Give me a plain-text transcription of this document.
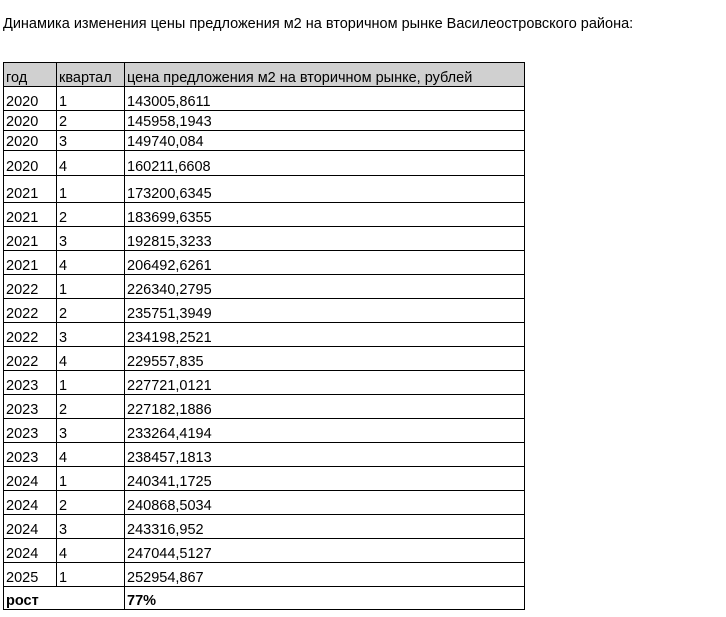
Динамика изменения цены предложения м2 на вторичном рынке Василеостровского района:
год	квартал	цена предложения м2 на вторичном рынке, рублей
2020	1	143005,8611
2020	2	145958,1943
2020	3	149740,084
2020	4	160211,6608
2021	1	173200,6345
2021	2	183699,6355
2021	3	192815,3233
2021	4	206492,6261
2022	1	226340,2795
2022	2	235751,3949
2022	3	234198,2521
2022	4	229557,835
2023	1	227721,0121
2023	2	227182,1886
2023	3	233264,4194
2023	4	238457,1813
2024	1	240341,1725
2024	2	240868,5034
2024	3	243316,952
2024	4	247044,5127
2025	1	252954,867
рост		77%
